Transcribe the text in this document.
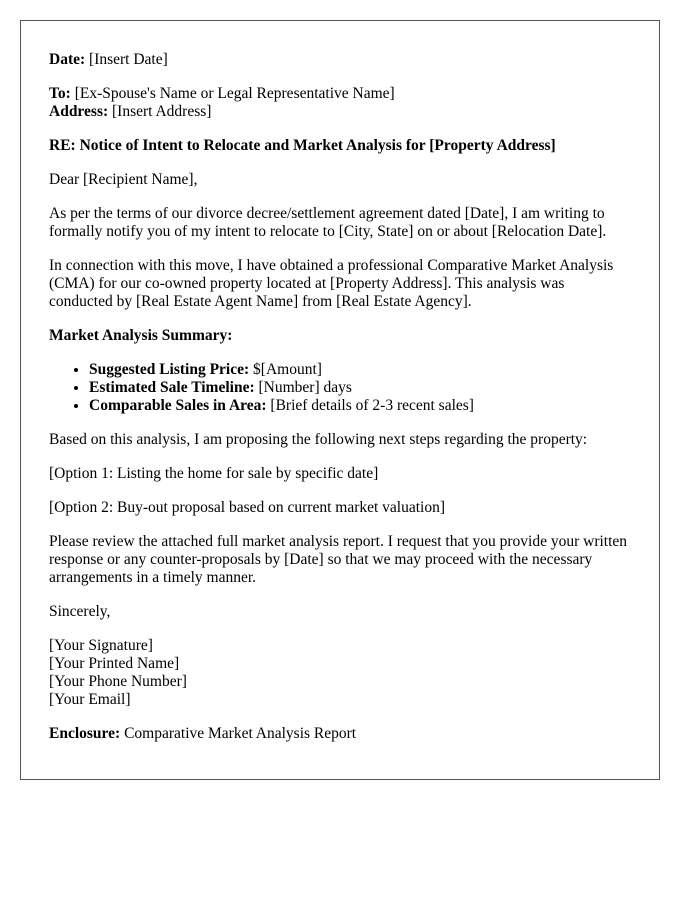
Date: [Insert Date]

To: [Ex-Spouse's Name or Legal Representative Name]
Address: [Insert Address]

RE: Notice of Intent to Relocate and Market Analysis for [Property Address]

Dear [Recipient Name],

As per the terms of our divorce decree/settlement agreement dated [Date], I am writing to formally notify you of my intent to relocate to [City, State] on or about [Relocation Date].

In connection with this move, I have obtained a professional Comparative Market Analysis (CMA) for our co-owned property located at [Property Address]. This analysis was conducted by [Real Estate Agent Name] from [Real Estate Agency].

Market Analysis Summary:

• Suggested Listing Price: $[Amount]
• Estimated Sale Timeline: [Number] days
• Comparable Sales in Area: [Brief details of 2-3 recent sales]

Based on this analysis, I am proposing the following next steps regarding the property:

[Option 1: Listing the home for sale by specific date]

[Option 2: Buy-out proposal based on current market valuation]

Please review the attached full market analysis report. I request that you provide your written response or any counter-proposals by [Date] so that we may proceed with the necessary arrangements in a timely manner.

Sincerely,

[Your Signature]
[Your Printed Name]
[Your Phone Number]
[Your Email]

Enclosure: Comparative Market Analysis Report
